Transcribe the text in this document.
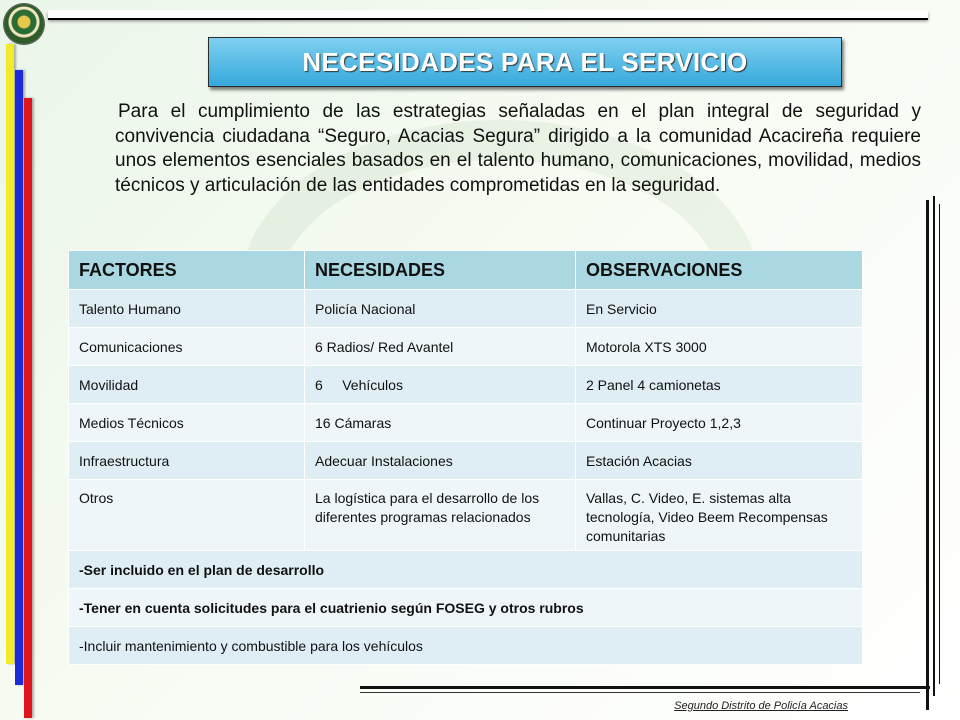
NECESIDADES PARA EL SERVICIO

Para el cumplimiento de las estrategias señaladas en el plan integral de seguridad y convivencia ciudadana “Seguro, Acacias Segura” dirigido a la comunidad Acacireña requiere unos elementos esenciales basados en el talento humano, comunicaciones, movilidad, medios técnicos y articulación de las entidades comprometidas en la seguridad.

FACTORES	NECESIDADES	OBSERVACIONES
Talento Humano	Policía Nacional	En Servicio
Comunicaciones	6 Radios/ Red Avantel	Motorola XTS 3000
Movilidad	6     Vehículos	2 Panel 4 camionetas
Medios Técnicos	16 Cámaras	Continuar Proyecto 1,2,3
Infraestructura	Adecuar Instalaciones	Estación Acacias
Otros	La logística para el desarrollo de los diferentes programas relacionados	Vallas, C. Video, E. sistemas alta tecnología, Video Beem Recompensas comunitarias
-Ser incluido en el plan de desarrollo		
-Tener en cuenta solicitudes para el cuatrienio según FOSEG y otros rubros		
-Incluir mantenimiento y combustible para los vehículos		
Segundo Distrito de Policía Acacias
